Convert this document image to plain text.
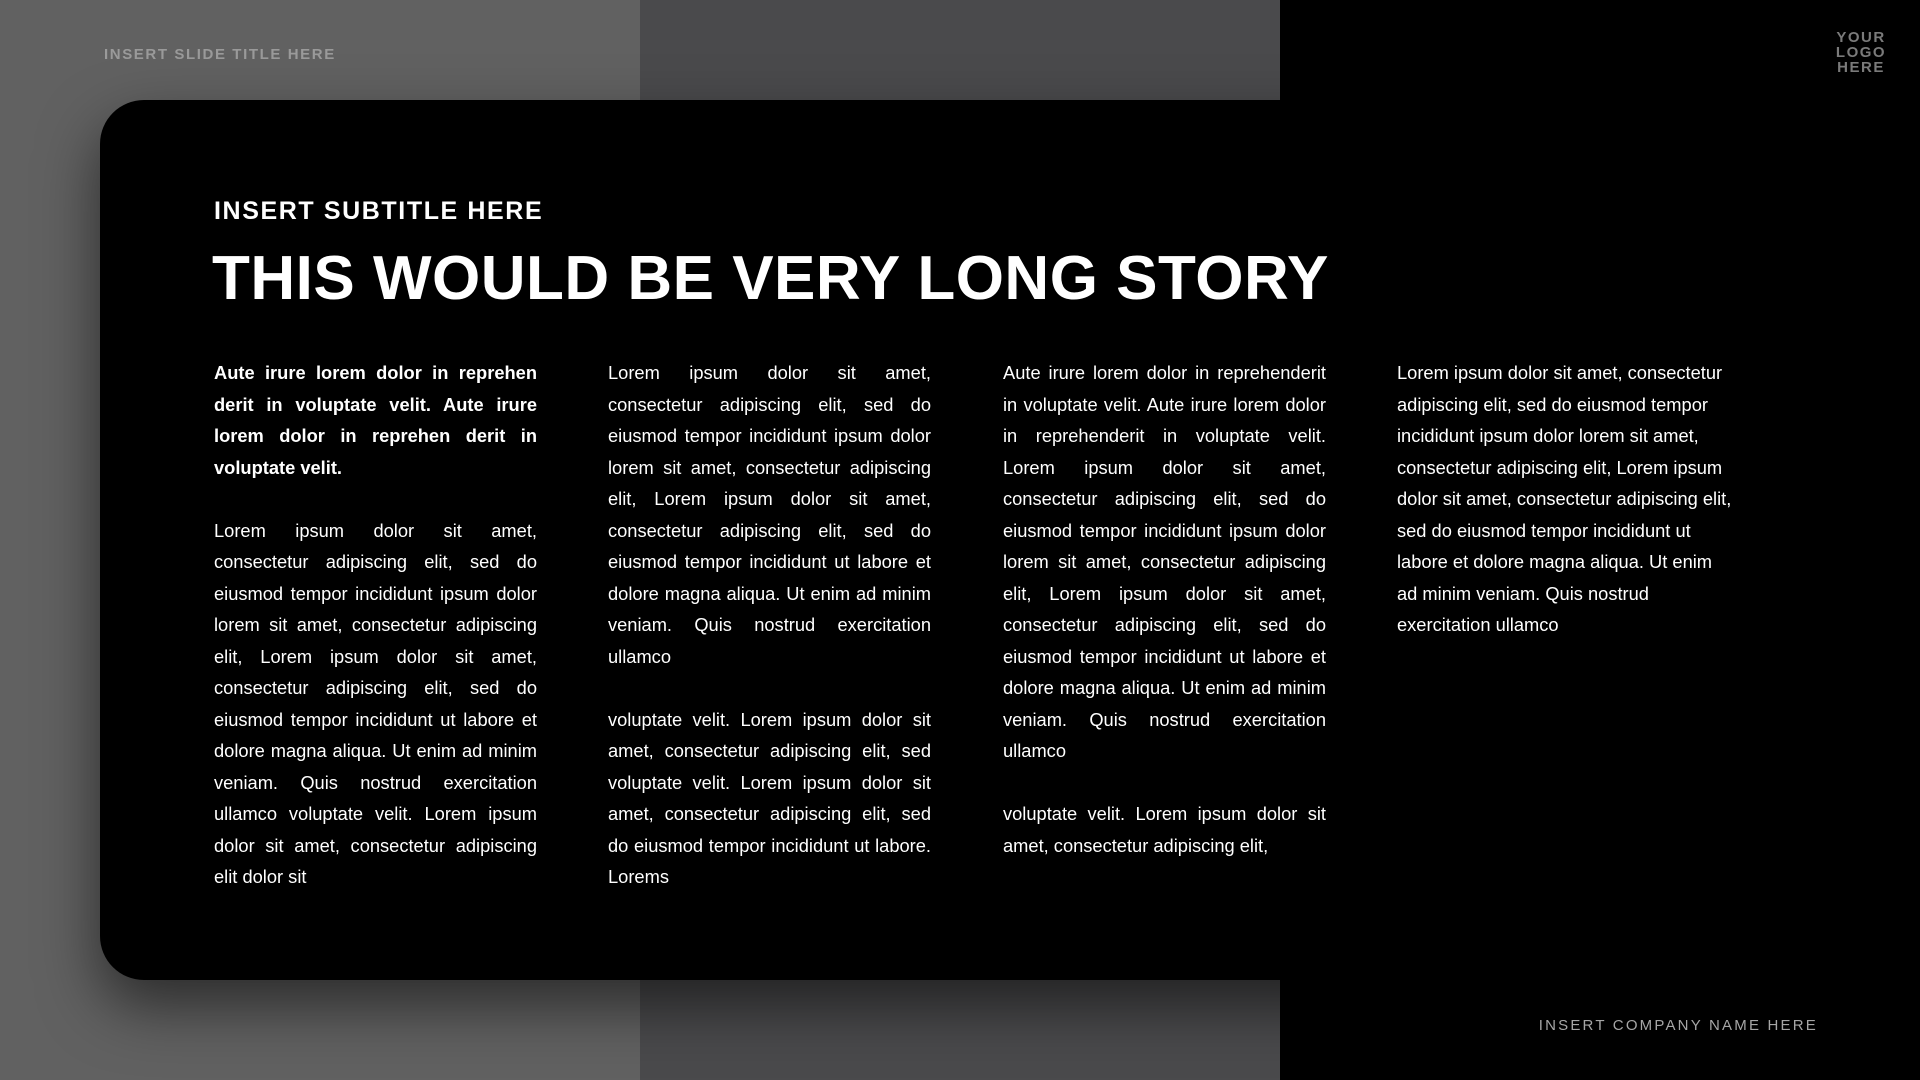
INSERT SLIDE TITLE HERE
YOUR
LOGO
HERE
INSERT SUBTITLE HERE
THIS WOULD BE VERY LONG STORY

Aute irure lorem dolor in reprehen derit in voluptate velit. Aute irure lorem dolor in reprehen derit in voluptate velit.

Lorem ipsum dolor sit amet, consectetur adipiscing elit, sed do eiusmod tempor incididunt ipsum dolor lorem sit amet, consectetur adipiscing elit, Lorem ipsum dolor sit amet, consectetur adipiscing elit, sed do eiusmod tempor incididunt ut labore et dolore magna aliqua. Ut enim ad minim veniam. Quis nostrud exercitation ullamco voluptate velit. Lorem ipsum dolor sit amet, consectetur adipiscing elit dolor sit

Lorem ipsum dolor sit amet, consectetur adipiscing elit, sed do eiusmod tempor incididunt ipsum dolor lorem sit amet, consectetur adipiscing elit, Lorem ipsum dolor sit amet, consectetur adipiscing elit, sed do eiusmod tempor incididunt ut labore et dolore magna aliqua. Ut enim ad minim veniam. Quis nostrud exercitation ullamco

voluptate velit. Lorem ipsum dolor sit amet, consectetur adipiscing elit, sed voluptate velit. Lorem ipsum dolor sit amet, consectetur adipiscing elit, sed do eiusmod tempor incididunt ut labore. Lorems

Aute irure lorem dolor in reprehenderit in voluptate velit. Aute irure lorem dolor in reprehenderit in voluptate velit. Lorem ipsum dolor sit amet, consectetur adipiscing elit, sed do eiusmod tempor incididunt ipsum dolor lorem sit amet, consectetur adipiscing elit, Lorem ipsum dolor sit amet, consectetur adipiscing elit, sed do eiusmod tempor incididunt ut labore et dolore magna aliqua. Ut enim ad minim veniam. Quis nostrud exercitation ullamco

voluptate velit. Lorem ipsum dolor sit amet, consectetur adipiscing elit,

Lorem ipsum dolor sit amet, consectetur adipiscing elit, sed do eiusmod tempor incididunt ipsum dolor lorem sit amet, consectetur adipiscing elit, Lorem ipsum dolor sit amet, consectetur adipiscing elit, sed do eiusmod tempor incididunt ut labore et dolore magna aliqua. Ut enim ad minim veniam. Quis nostrud exercitation ullamco

INSERT COMPANY NAME HERE
